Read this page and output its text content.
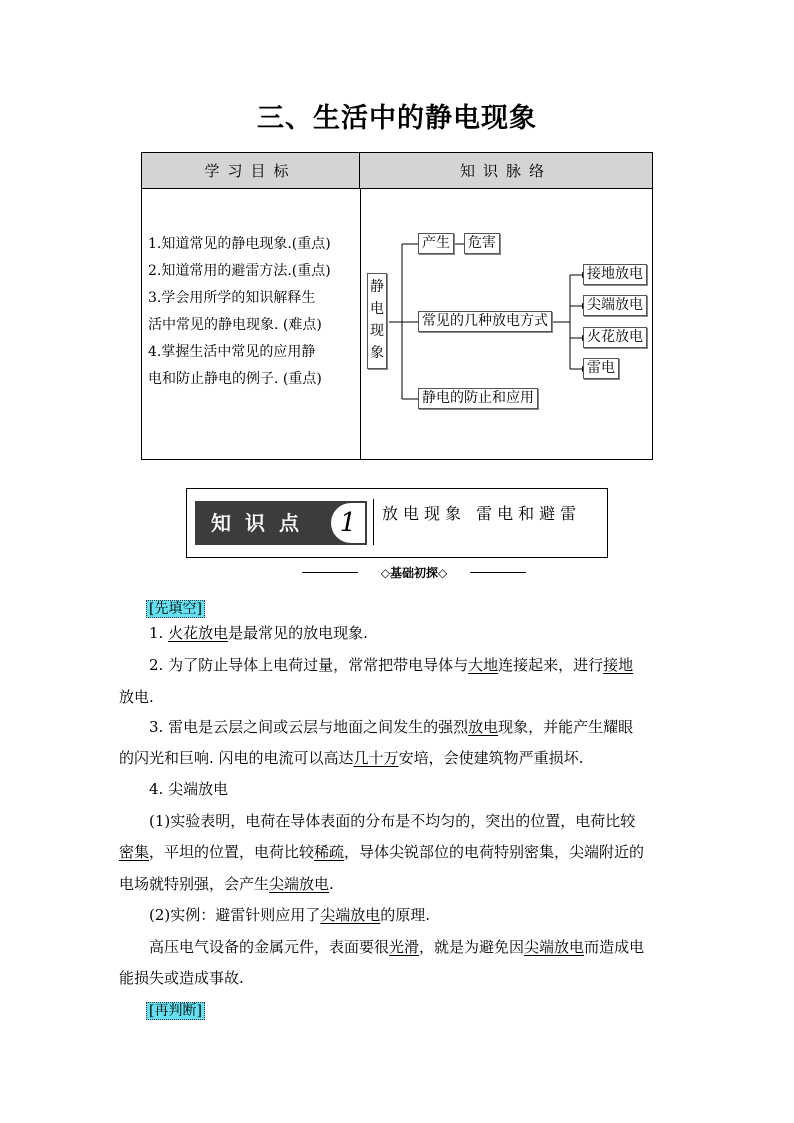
三、生活中的静电现象
学习目标	知识脉络
1.知道常见的静电现象.(重点)
2.知道常用的避雷方法.(重点)
3.学会用所学的知识解释生
活中常见的静电现象. (难点)
4.掌握生活中常见的应用静
电和防止静电的例子. (重点)
静电现象
产生 危害
常见的几种放电方式
静电的防止和应用
接地放电
尖端放电
火花放电
雷电
知识点	1	放电现象 雷电和避雷
◇基础初探◇
[先填空]
1. 火花放电是最常见的放电现象.
2. 为了防止导体上电荷过量，常常把带电导体与大地连接起来，进行接地
放电.
3. 雷电是云层之间或云层与地面之间发生的强烈放电现象，并能产生耀眼
的闪光和巨响. 闪电的电流可以高达几十万安培，会使建筑物严重损坏.
4. 尖端放电
(1)实验表明，电荷在导体表面的分布是不均匀的，突出的位置，电荷比较
密集，平坦的位置，电荷比较稀疏，导体尖锐部位的电荷特别密集，尖端附近的
电场就特别强，会产生尖端放电.
(2)实例：避雷针则应用了尖端放电的原理.
高压电气设备的金属元件，表面要很光滑，就是为避免因尖端放电而造成电
能损失或造成事故.
[再判断]
